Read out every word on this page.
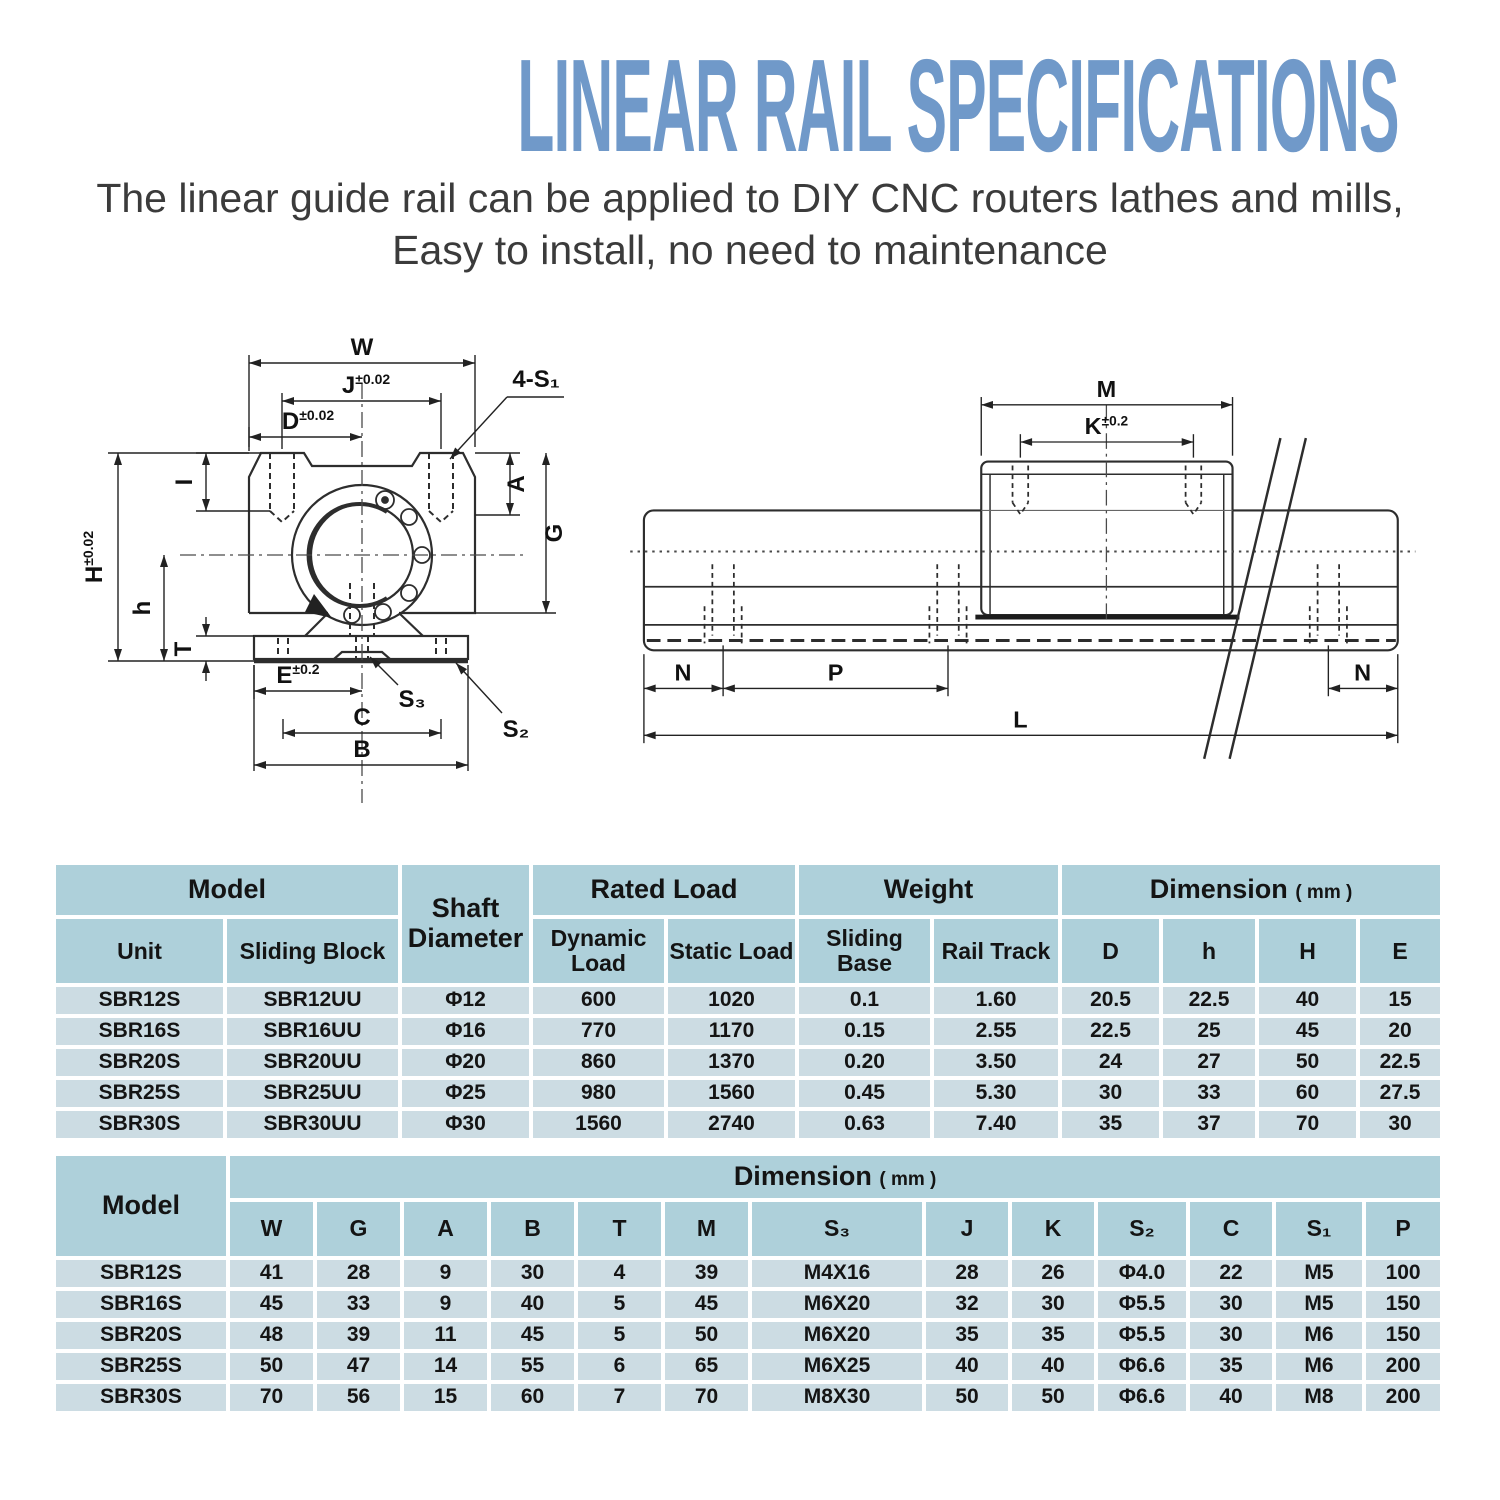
LINEAR RAIL SPECIFICATIONS
The linear guide rail can be applied to DIY CNC routers lathes and mills,
Easy to install, no need to maintenance
W
$J^{\pm 0.02}$
$D^{\pm 0.02}$
4-S₁
I	A
G
$H^{\pm 0.02}$
h
T
$E^{\pm 0.2}$
S₃
C
B
S₂
M
$K^{\pm 0.2}$
N	P	N
L
Model		Shaft Diameter	Rated Load		Weight		Dimension ( mm )			
Unit	Sliding Block		Dynamic Load	Static Load	Sliding Base	Rail Track	D	h	H	E
SBR12S	SBR12UU	Φ12	600	1020	0.1	1.60	20.5	22.5	40	15
SBR16S	SBR16UU	Φ16	770	1170	0.15	2.55	22.5	25	45	20
SBR20S	SBR20UU	Φ20	860	1370	0.20	3.50	24	27	50	22.5
SBR25S	SBR25UU	Φ25	980	1560	0.45	5.30	30	33	60	27.5
SBR30S	SBR30UU	Φ30	1560	2740	0.63	7.40	35	37	70	30
Model	Dimension ( mm )												
	W	G	A	B	T	M	S₃	J	K	S₂	C	S₁	P
SBR12S	41	28	9	30	4	39	M4X16	28	26	Φ4.0	22	M5	100
SBR16S	45	33	9	40	5	45	M6X20	32	30	Φ5.5	30	M5	150
SBR20S	48	39	11	45	5	50	M6X20	35	35	Φ5.5	30	M6	150
SBR25S	50	47	14	55	6	65	M6X25	40	40	Φ6.6	35	M6	200
SBR30S	70	56	15	60	7	70	M8X30	50	50	Φ6.6	40	M8	200
